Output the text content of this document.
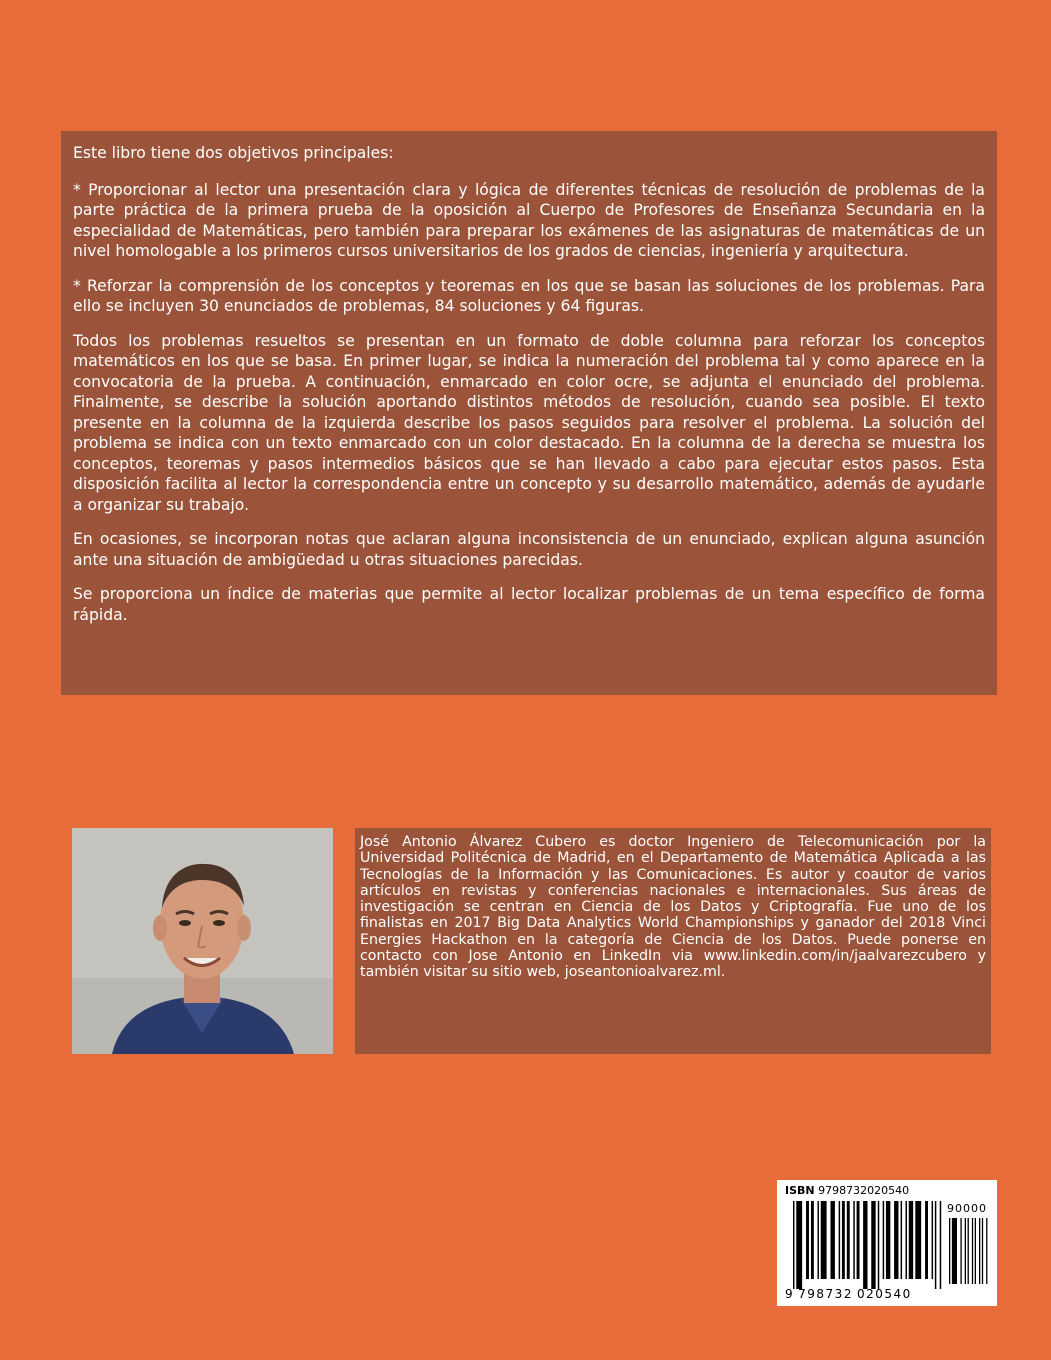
Este libro tiene dos objetivos principales:

* Proporcionar al lector una presentación clara y lógica de diferentes técnicas de resolución de problemas de la parte práctica de la primera prueba de la oposición al Cuerpo de Profesores de Enseñanza Secundaria en la especialidad de Matemáticas, pero también para preparar los exámenes de las asignaturas de matemáticas de un nivel homologable a los primeros cursos universitarios de los grados de ciencias, ingeniería y arquitectura.

* Reforzar la comprensión de los conceptos y teoremas en los que se basan las soluciones de los problemas. Para ello se incluyen 30 enunciados de problemas, 84 soluciones y 64 figuras.

Todos los problemas resueltos se presentan en un formato de doble columna para reforzar los conceptos matemáticos en los que se basa. En primer lugar, se indica la numeración del problema tal y como aparece en la convocatoria de la prueba. A continuación, enmarcado en color ocre, se adjunta el enunciado del problema. Finalmente, se describe la solución aportando distintos métodos de resolución, cuando sea posible. El texto presente en la columna de la izquierda describe los pasos seguidos para resolver el problema. La solución del problema se indica con un texto enmarcado con un color destacado. En la columna de la derecha se muestra los conceptos, teoremas y pasos intermedios básicos que se han llevado a cabo para ejecutar estos pasos. Esta disposición facilita al lector la correspondencia entre un concepto y su desarrollo matemático, además de ayudarle a organizar su trabajo.

En ocasiones, se incorporan notas que aclaran alguna inconsistencia de un enunciado, explican alguna asunción ante una situación de ambigüedad u otras situaciones parecidas.

Se proporciona un índice de materias que permite al lector localizar problemas de un tema específico de forma rápida.

José Antonio Álvarez Cubero es doctor Ingeniero de Telecomunicación por la Universidad Politécnica de Madrid, en el Departamento de Matemática Aplicada a las Tecnologías de la Información y las Comunicaciones. Es autor y coautor de varios artículos en revistas y conferencias nacionales e internacionales. Sus áreas de investigación se centran en Ciencia de los Datos y Criptografía. Fue uno de los finalistas en 2017 Big Data Analytics World Championships y ganador del 2018 Vinci Energies Hackathon en la categoría de Ciencia de los Datos. Puede ponerse en contacto con Jose Antonio en LinkedIn via www.linkedin.com/in/jaalvarezcubero y también visitar su sitio web, joseantonioalvarez.ml.

ISBN 9798732020540
90000
9 798732 020540
